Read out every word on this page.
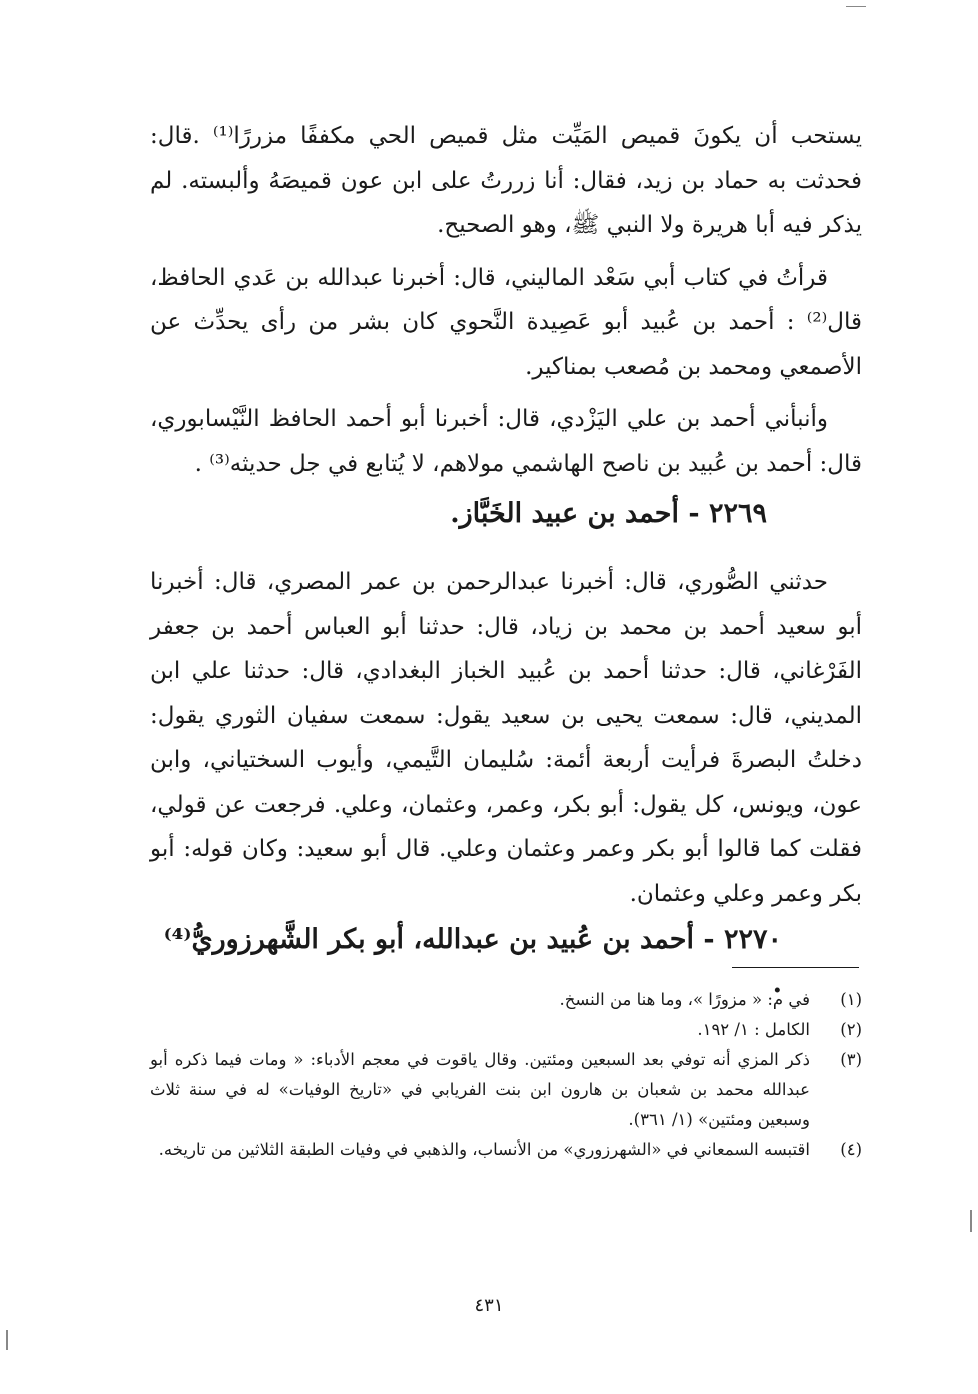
يستحب أن يكونَ قميص المَيِّت مثل قميص الحي مكففًا مزررًا⁽¹⁾ .قال: فحدثت به حماد بن زيد، فقال: أنا زررتُ على ابن عون قميصَهُ وألبسته. لم يذكر فيه أبا هريرة ولا النبي ﷺ، وهو الصحيح.

قرأتُ في كتاب أبي سَعْد الماليني، قال: أخبرنا عبدالله بن عَدي الحافظ، قال⁽²⁾ : أحمد بن عُبيد أبو عَصِيدة النَّحوي كان بشر من رأى يحدِّث عن الأصمعي ومحمد بن مُصعب بمناكير.

وأنبأني أحمد بن علي اليَزْدي، قال: أخبرنا أبو أحمد الحافظ النَّيْسابوري، قال: أحمد بن عُبيد بن ناصح الهاشمي مولاهم، لا يُتابع في جل حديثه⁽³⁾ .

٢٢٦٩ - أحمد بن عبيد الخَبَّاز.

حدثني الصُّوري، قال: أخبرنا عبدالرحمن بن عمر المصري، قال: أخبرنا أبو سعيد أحمد بن محمد بن زياد، قال: حدثنا أبو العباس أحمد بن جعفر الفَرْغاني، قال: حدثنا أحمد بن عُبيد الخباز البغدادي، قال: حدثنا علي ابن المديني، قال: سمعت يحيى بن سعيد يقول: سمعت سفيان الثوري يقول: دخلتُ البصرةَ فرأيت أربعة أئمة: سُليمان التَّيمي، وأيوب السختياني، وابن عون، ويونس، كل يقول: أبو بكر، وعمر، وعثمان، وعلي. فرجعت عن قولي، فقلت كما قالوا أبو بكر وعمر وعثمان وعلي. قال أبو سعيد: وكان قوله: أبو بكر وعمر وعلي وعثمان.

٢٢٧٠ - أحمد بن عُبيد بن عبدالله، أبو بكر الشَّهرزوريُّ⁽⁴⁾ .

(١)
في م: « مزورًا »، وما هنا من النسخ.
(٢)
الكامل : ١/ ١٩٢.
(٣)
ذكر المزي أنه توفي بعد السبعين ومئتين. وقال ياقوت في معجم الأدباء: « ومات فيما ذكره أبو عبدالله محمد بن شعبان بن هارون ابن بنت الفريابي في «تاريخ الوفيات» له في سنة ثلاث وسبعين ومئتين» (١/ ٣٦١).
(٤)
اقتبسه السمعاني في «الشهرزوري» من الأنساب، والذهبي في وفيات الطبقة الثلاثين من تاريخه.
٤٣١
